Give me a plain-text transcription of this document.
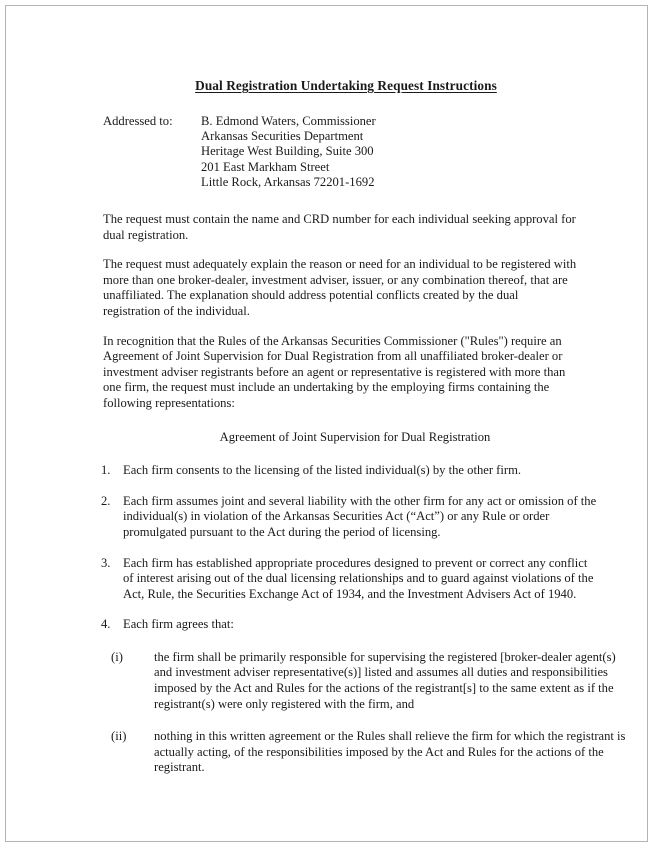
Dual Registration Undertaking Request Instructions
Addressed to:	B. Edmond Waters, Commissioner
Arkansas Securities Department
Heritage West Building, Suite 300
201 East Markham Street
Little Rock, Arkansas 72201-1692

The request must contain the name and CRD number for each individual seeking approval for dual registration.

The request must adequately explain the reason or need for an individual to be registered with more than one broker-dealer, investment adviser, issuer, or any combination thereof, that are unaffiliated. The explanation should address potential conflicts created by the dual registration of the individual.

In recognition that the Rules of the Arkansas Securities Commissioner ("Rules") require an Agreement of Joint Supervision for Dual Registration from all unaffiliated broker-dealer or investment adviser registrants before an agent or representative is registered with more than one firm, the request must include an undertaking by the employing firms containing the following representations:

Agreement of Joint Supervision for Dual Registration
1. Each firm consents to the licensing of the listed individual(s) by the other firm.
2. Each firm assumes joint and several liability with the other firm for any act or omission of the individual(s) in violation of the Arkansas Securities Act (“Act”) or any Rule or order promulgated pursuant to the Act during the period of licensing.
3. Each firm has established appropriate procedures designed to prevent or correct any conflict of interest arising out of the dual licensing relationships and to guard against violations of the Act, Rule, the Securities Exchange Act of 1934, and the Investment Advisers Act of 1940.
4. Each firm agrees that:
(i)	the firm shall be primarily responsible for supervising the registered [broker-dealer agent(s) and investment adviser representative(s)] listed and assumes all duties and responsibilities imposed by the Act and Rules for the actions of the registrant[s] to the same extent as if the registrant(s) were only registered with the firm, and
(ii)	nothing in this written agreement or the Rules shall relieve the firm for which the registrant is actually acting, of the responsibilities imposed by the Act and Rules for the actions of the registrant.
